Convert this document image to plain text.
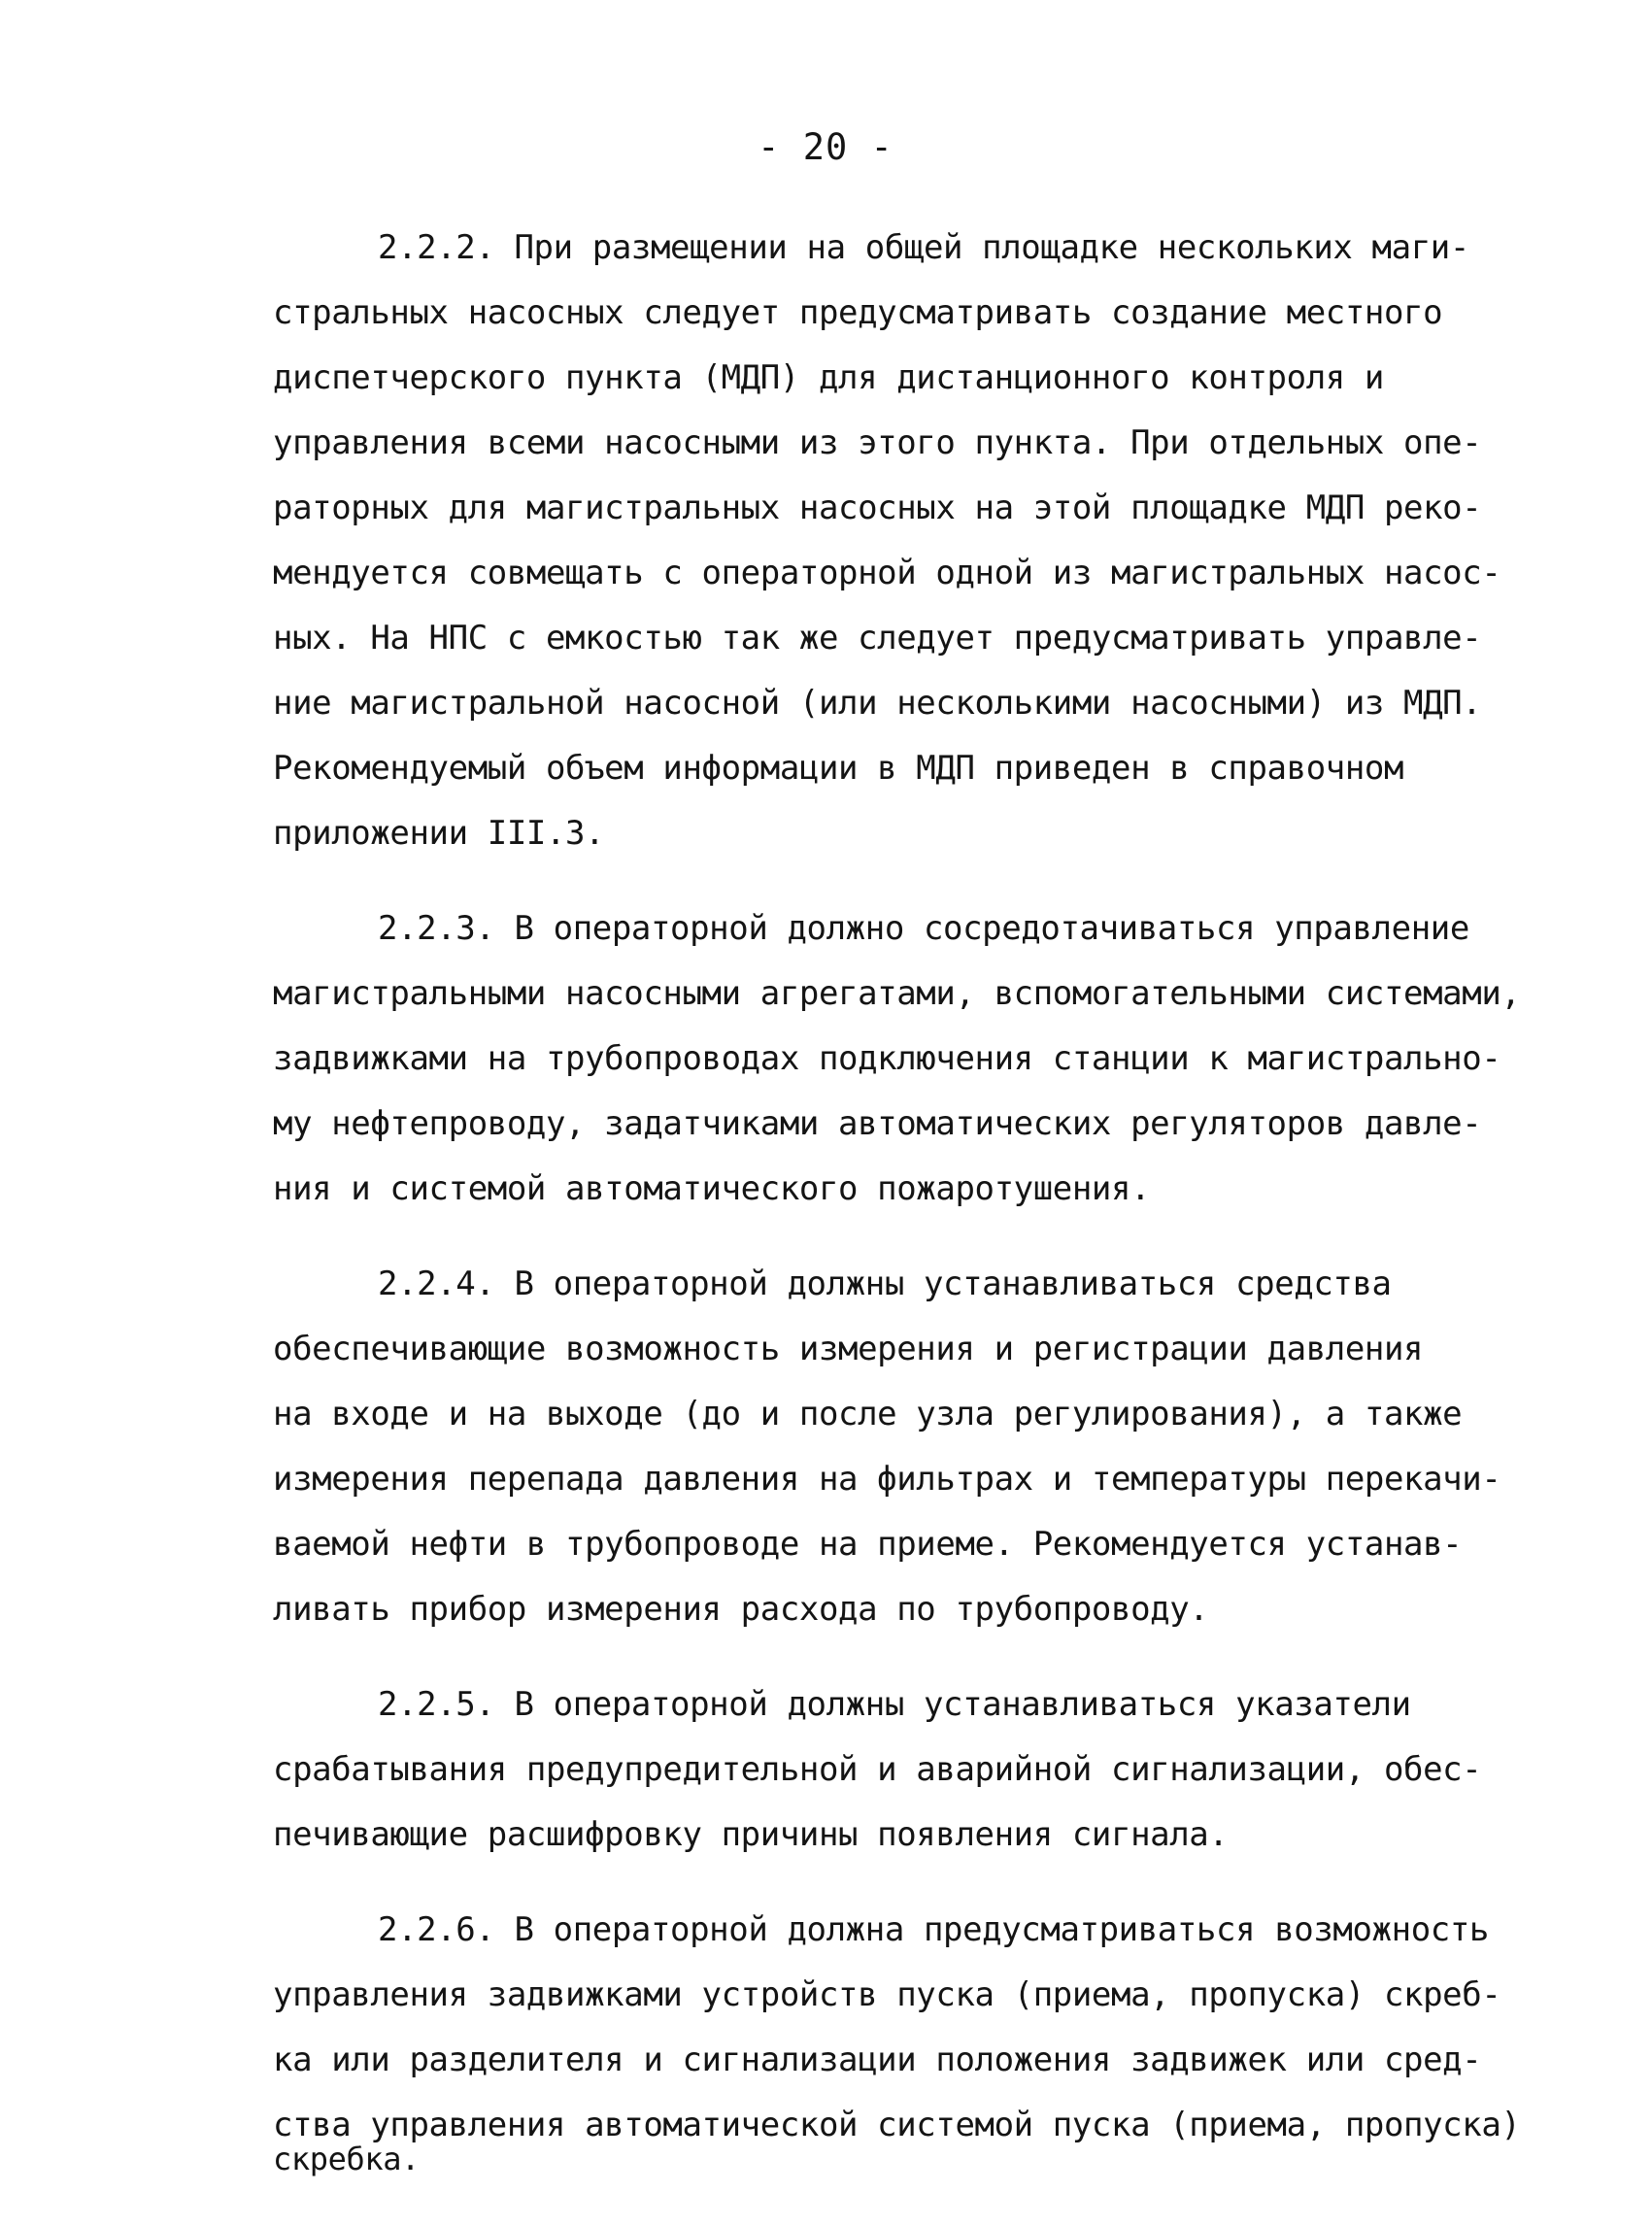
- 20 -
2.2.2. При размещении на общей площадке нескольких маги-
стральных насосных следует предусматривать создание местного
диспетчерского пункта (МДП) для дистанционного контроля и
управления всеми насосными из этого пункта. При отдельных опе-
раторных для магистральных насосных на этой площадке МДП реко-
мендуется совмещать с операторной одной из магистральных насос-
ных. На НПС с емкостью так же следует предусматривать управле-
ние магистральной насосной (или несколькими насосными) из МДП.
Рекомендуемый объем информации в МДП приведен в справочном
приложении III.3.
2.2.3. В операторной должно сосредотачиваться управление
магистральными насосными агрегатами, вспомогательными системами,
задвижками на трубопроводах подключения станции к магистрально-
му нефтепроводу, задатчиками автоматических регуляторов давле-
ния и системой автоматического пожаротушения.
2.2.4. В операторной должны устанавливаться средства
обеспечивающие возможность измерения и регистрации давления
на входе и на выходе (до и после узла регулирования), а также
измерения перепада давления на фильтрах и температуры перекачи-
ваемой нефти в трубопроводе на приеме. Рекомендуется устанав-
ливать прибор измерения расхода по трубопроводу.
2.2.5. В операторной должны устанавливаться указатели
срабатывания предупредительной и аварийной сигнализации, обес-
печивающие расшифровку причины появления сигнала.
2.2.6. В операторной должна предусматриваться возможность
управления задвижками устройств пуска (приема, пропуска) скреб-
ка или разделителя и сигнализации положения задвижек или сред-
ства управления автоматической системой пуска (приема, пропуска)
скребка.
